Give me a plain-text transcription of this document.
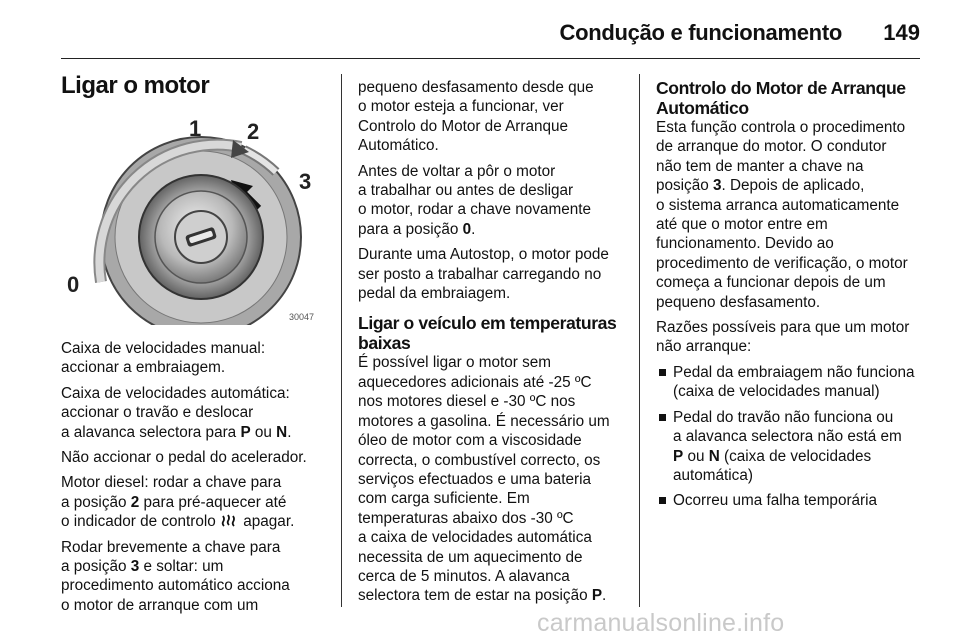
Condução e funcionamento 149
Ligar o motor
0
1 2
3
30047

Caixa de velocidades manual:
accionar a embraiagem.

Caixa de velocidades automática:
accionar o travão e deslocar
a alavanca selectora para P ou N.

Não accionar o pedal do acelerador.

Motor diesel: rodar a chave para
a posição 2 para pré-aquecer até
o indicador de controlo  apagar.

Rodar brevemente a chave para
a posição 3 e soltar: um
procedimento automático acciona
o motor de arranque com um

pequeno desfasamento desde que
o motor esteja a funcionar, ver
Controlo do Motor de Arranque
Automático.

Antes de voltar a pôr o motor
a trabalhar ou antes de desligar
o motor, rodar a chave novamente
para a posição 0.

Durante uma Autostop, o motor pode
ser posto a trabalhar carregando no
pedal da embraiagem.

Ligar o veículo em temperaturas
baixas

É possível ligar o motor sem
aquecedores adicionais até -25 ºC
nos motores diesel e -30 ºC nos
motores a gasolina. É necessário um
óleo de motor com a viscosidade
correcta, o combustível correcto, os
serviços efectuados e uma bateria
com carga suficiente. Em
temperaturas abaixo dos -30 ºC
a caixa de velocidades automática
necessita de um aquecimento de
cerca de 5 minutos. A alavanca
selectora tem de estar na posição P.

Controlo do Motor de Arranque
Automático

Esta função controla o procedimento
de arranque do motor. O condutor
não tem de manter a chave na
posição 3. Depois de aplicado,
o sistema arranca automaticamente
até que o motor entre em
funcionamento. Devido ao
procedimento de verificação, o motor
começa a funcionar depois de um
pequeno desfasamento.

Razões possíveis para que um motor
não arranque:

Pedal da embraiagem não funciona
(caixa de velocidades manual)
Pedal do travão não funciona ou
a alavanca selectora não está em
P ou N (caixa de velocidades
automática)
Ocorreu uma falha temporária
carmanualsonline.info
